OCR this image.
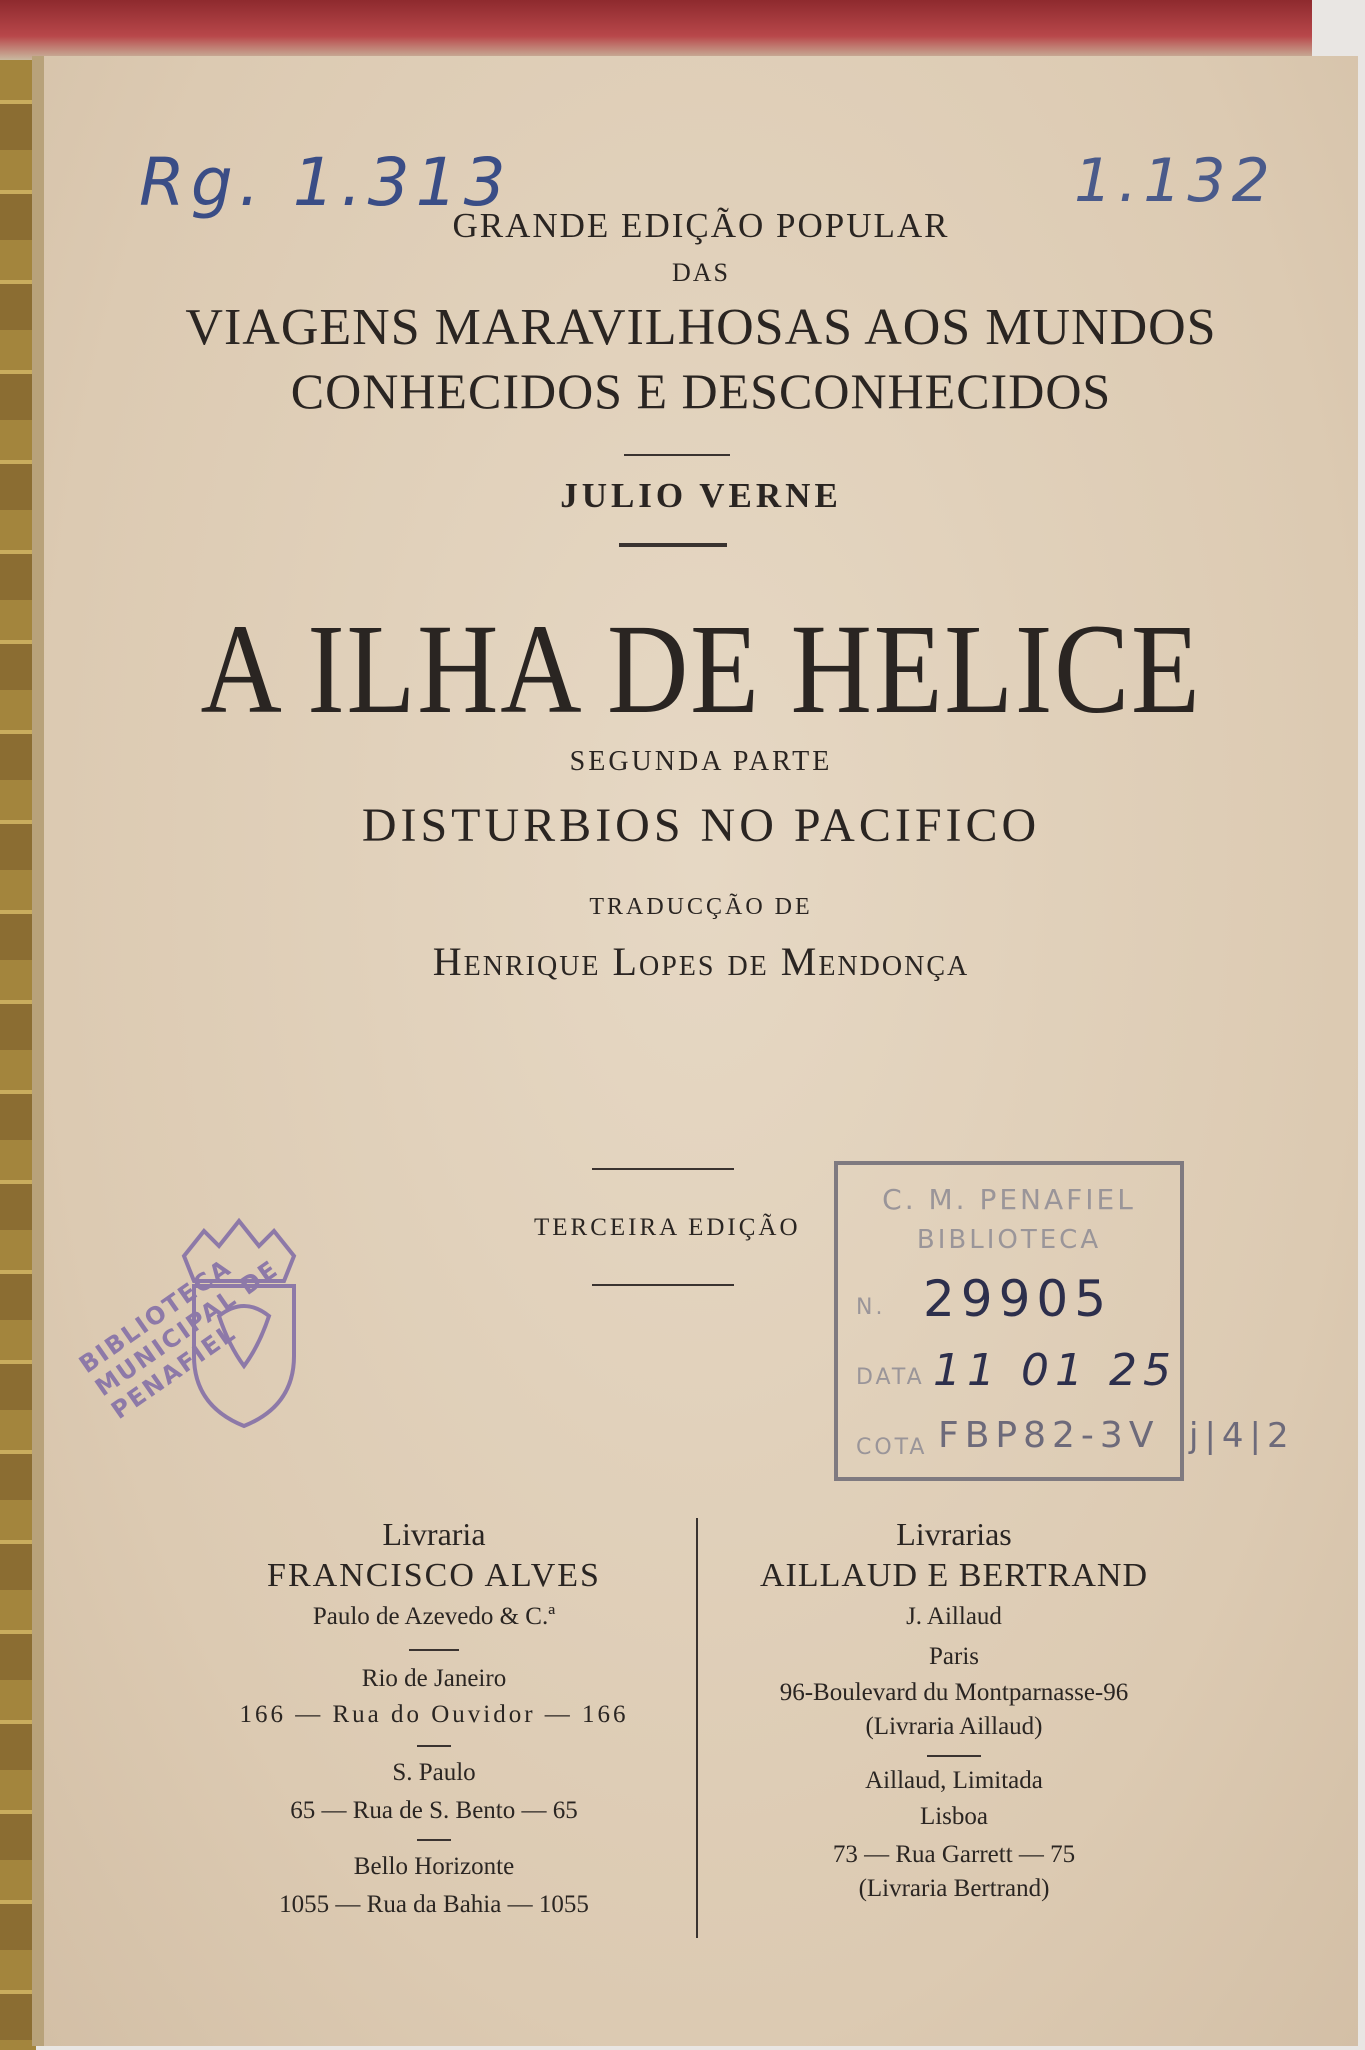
Rg. 1.313	1.132
GRANDE EDIÇÃO POPULAR
DAS
VIAGENS MARAVILHOSAS AOS MUNDOS
CONHECIDOS E DESCONHECIDOS
JULIO VERNE
A ILHA DE HELICE
SEGUNDA PARTE
DISTURBIOS NO PACIFICO
TRADUCÇÃO DE
Henrique Lopes de Mendonça
TERCEIRA EDIÇÃO
BIBLIOTECA MUNICIPAL DE PENAFIEL
C. M. PENAFIEL
BIBLIOTECA
N.
DATA
COTA
29905
11 01 25
FBP82-3V j|4|2

Livraria

FRANCISCO ALVES

Paulo de Azevedo & C.ª

Rio de Janeiro

166 — Rua do Ouvidor — 166

S. Paulo

65 — Rua de S. Bento — 65

Bello Horizonte

1055 — Rua da Bahia — 1055

Livrarias

AILLAUD E BERTRAND

J. Aillaud

Paris

96-Boulevard du Montparnasse-96

(Livraria Aillaud)

Aillaud, Limitada

Lisboa

73 — Rua Garrett — 75

(Livraria Bertrand)
